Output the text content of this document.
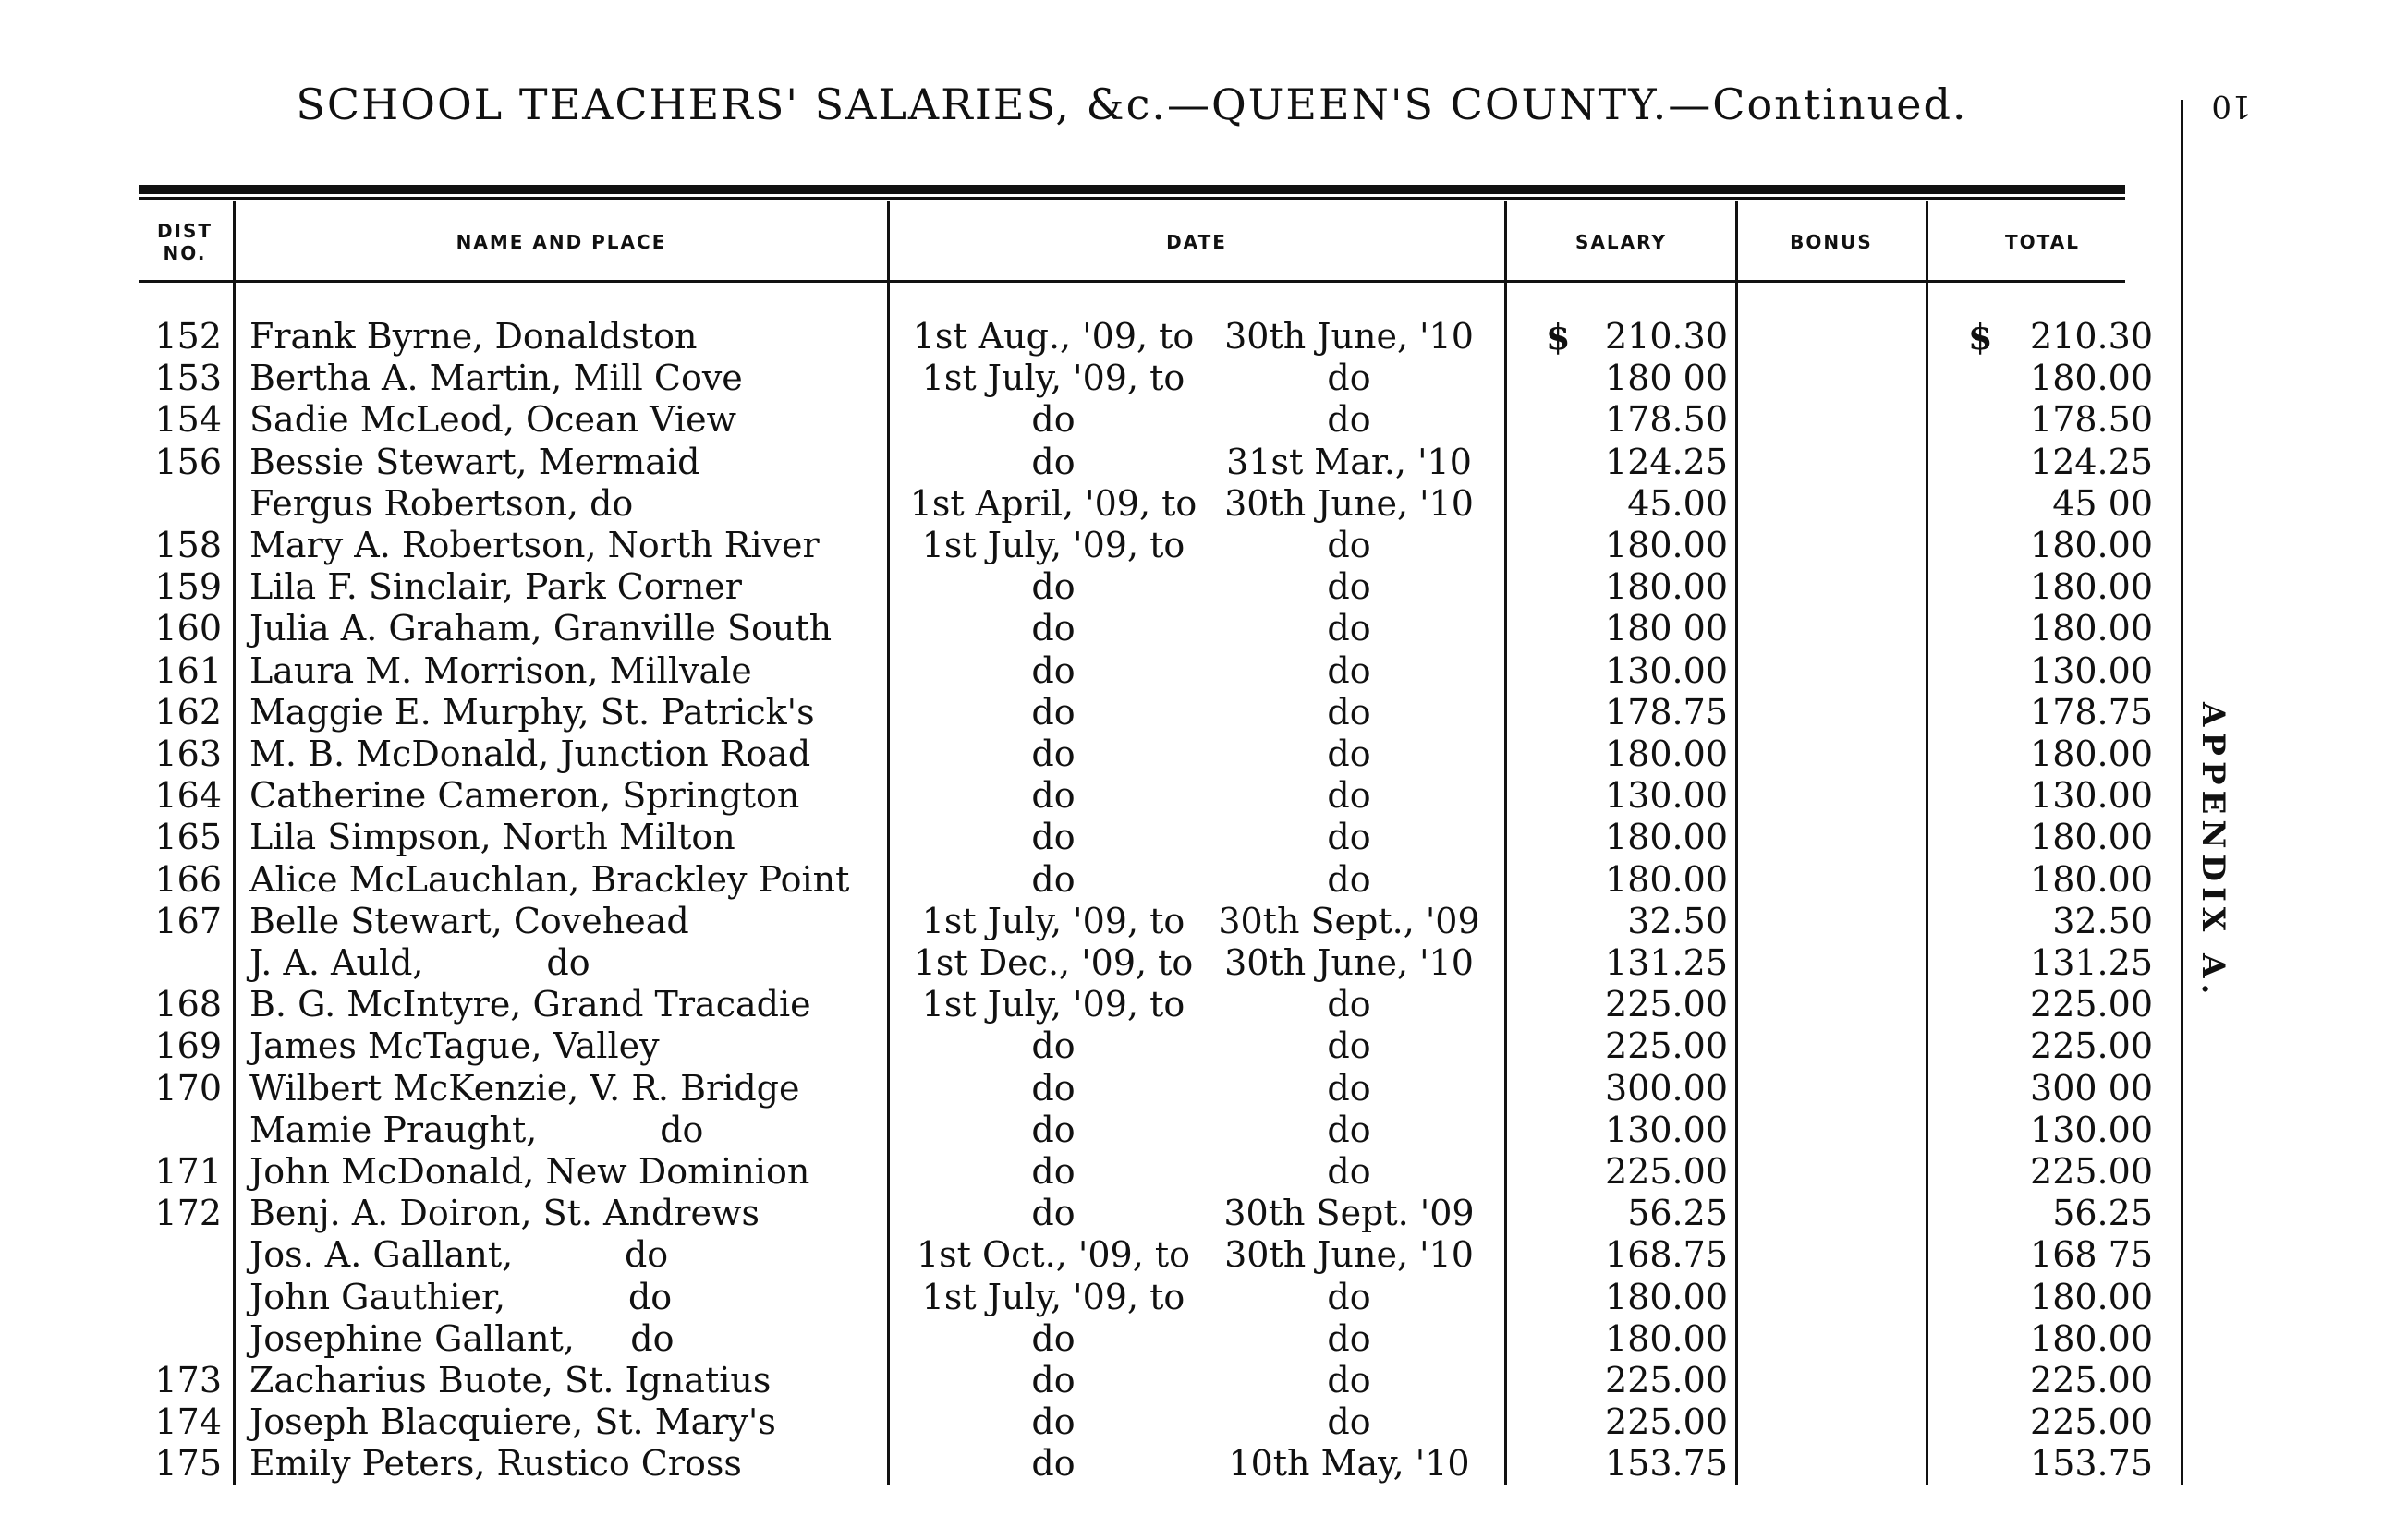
SCHOOL TEACHERS' SALARIES, &c.—QUEEN'S COUNTY.—Continued.
DIST NO.	NAME AND PLACE	DATE	SALARY	BONUS	TOTAL
$	$
152 Frank Byrne, Donaldston	1st Aug., '09, to 30th June, '10	210.30	210.30
153 Bertha A. Martin, Mill Cove	1st July, '09, to	do	180 00	180.00
154 Sadie McLeod, Ocean View	do	do	178.50	178.50
156 Bessie Stewart, Mermaid	do	31st Mar., '10	124.25	124.25
Fergus Robertson, do	1st April, '09, to 30th June, '10	45.00	45 00
158 Mary A. Robertson, North River	1st July, '09, to	do	180.00	180.00
159 Lila F. Sinclair, Park Corner	do	do	180.00	180.00
160 Julia A. Graham, Granville South	do	do	180 00	180.00
161 Laura M. Morrison, Millvale	do	do	130.00	130.00
162 Maggie E. Murphy, St. Patrick's	do	do	178.75	178.75
163 M. B. McDonald, Junction Road	do	do	180.00	180.00
164 Catherine Cameron, Springton	do	do	130.00	130.00
165 Lila Simpson, North Milton	do	do	180.00	180.00
166 Alice McLauchlan, Brackley Point	do	do	180.00	180.00
167 Belle Stewart, Covehead	1st July, '09, to 30th Sept., '09	32.50	32.50
J. A. Auld,           do	1st Dec., '09, to 30th June, '10	131.25	131.25
168 B. G. McIntyre, Grand Tracadie	1st July, '09, to	do	225.00	225.00
169 James McTague, Valley	do	do	225.00	225.00
170 Wilbert McKenzie, V. R. Bridge	do	do	300.00	300 00
Mamie Praught,           do	do	do	130.00	130.00
171 John McDonald, New Dominion	do	do	225.00	225.00
172 Benj. A. Doiron, St. Andrews	do	30th Sept. '09	56.25	56.25
Jos. A. Gallant,          do	1st Oct., '09, to 30th June, '10	168.75	168 75
John Gauthier,           do	1st July, '09, to	do	180.00	180.00
Josephine Gallant,     do	do	do	180.00	180.00
173 Zacharius Buote, St. Ignatius	do	do	225.00	225.00
174 Joseph Blacquiere, St. Mary's	do	do	225.00	225.00
175 Emily Peters, Rustico Cross	do	10th May, '10	153.75	153.75
10
APPENDIX A.
